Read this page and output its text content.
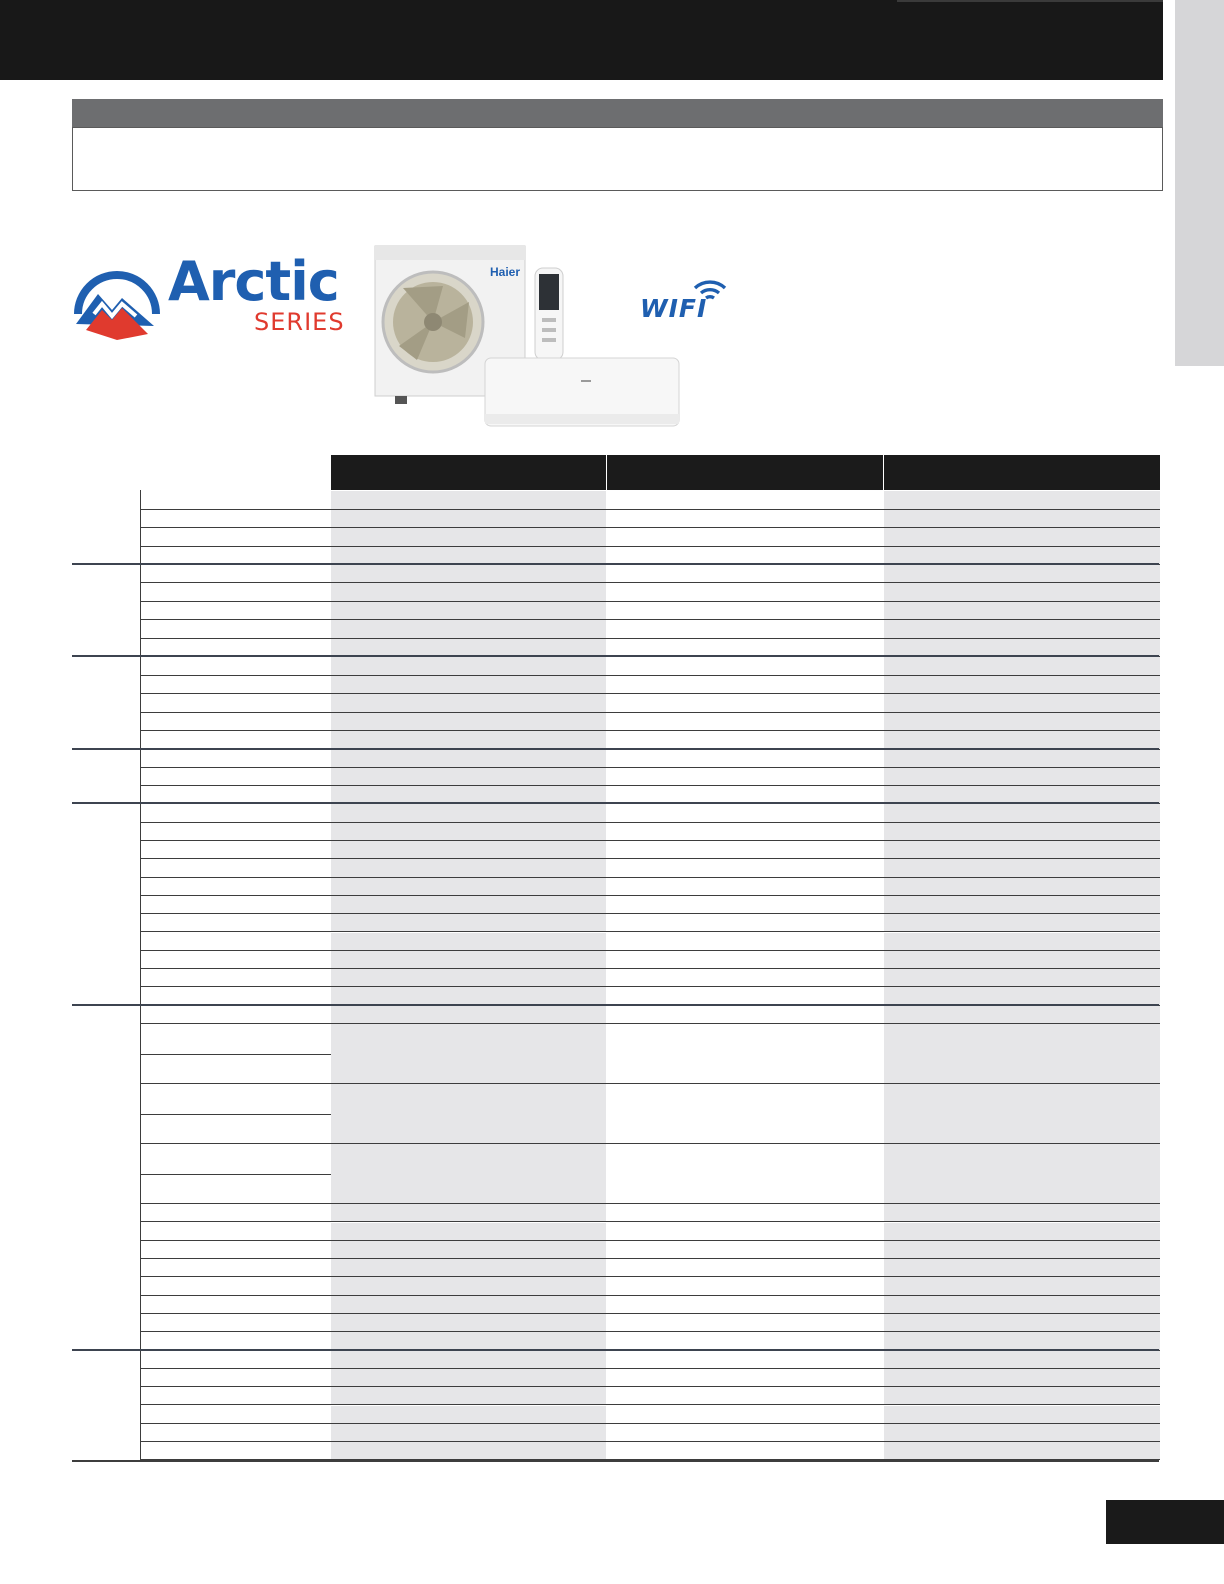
Arctic
SERIES
Haier
WIFI
